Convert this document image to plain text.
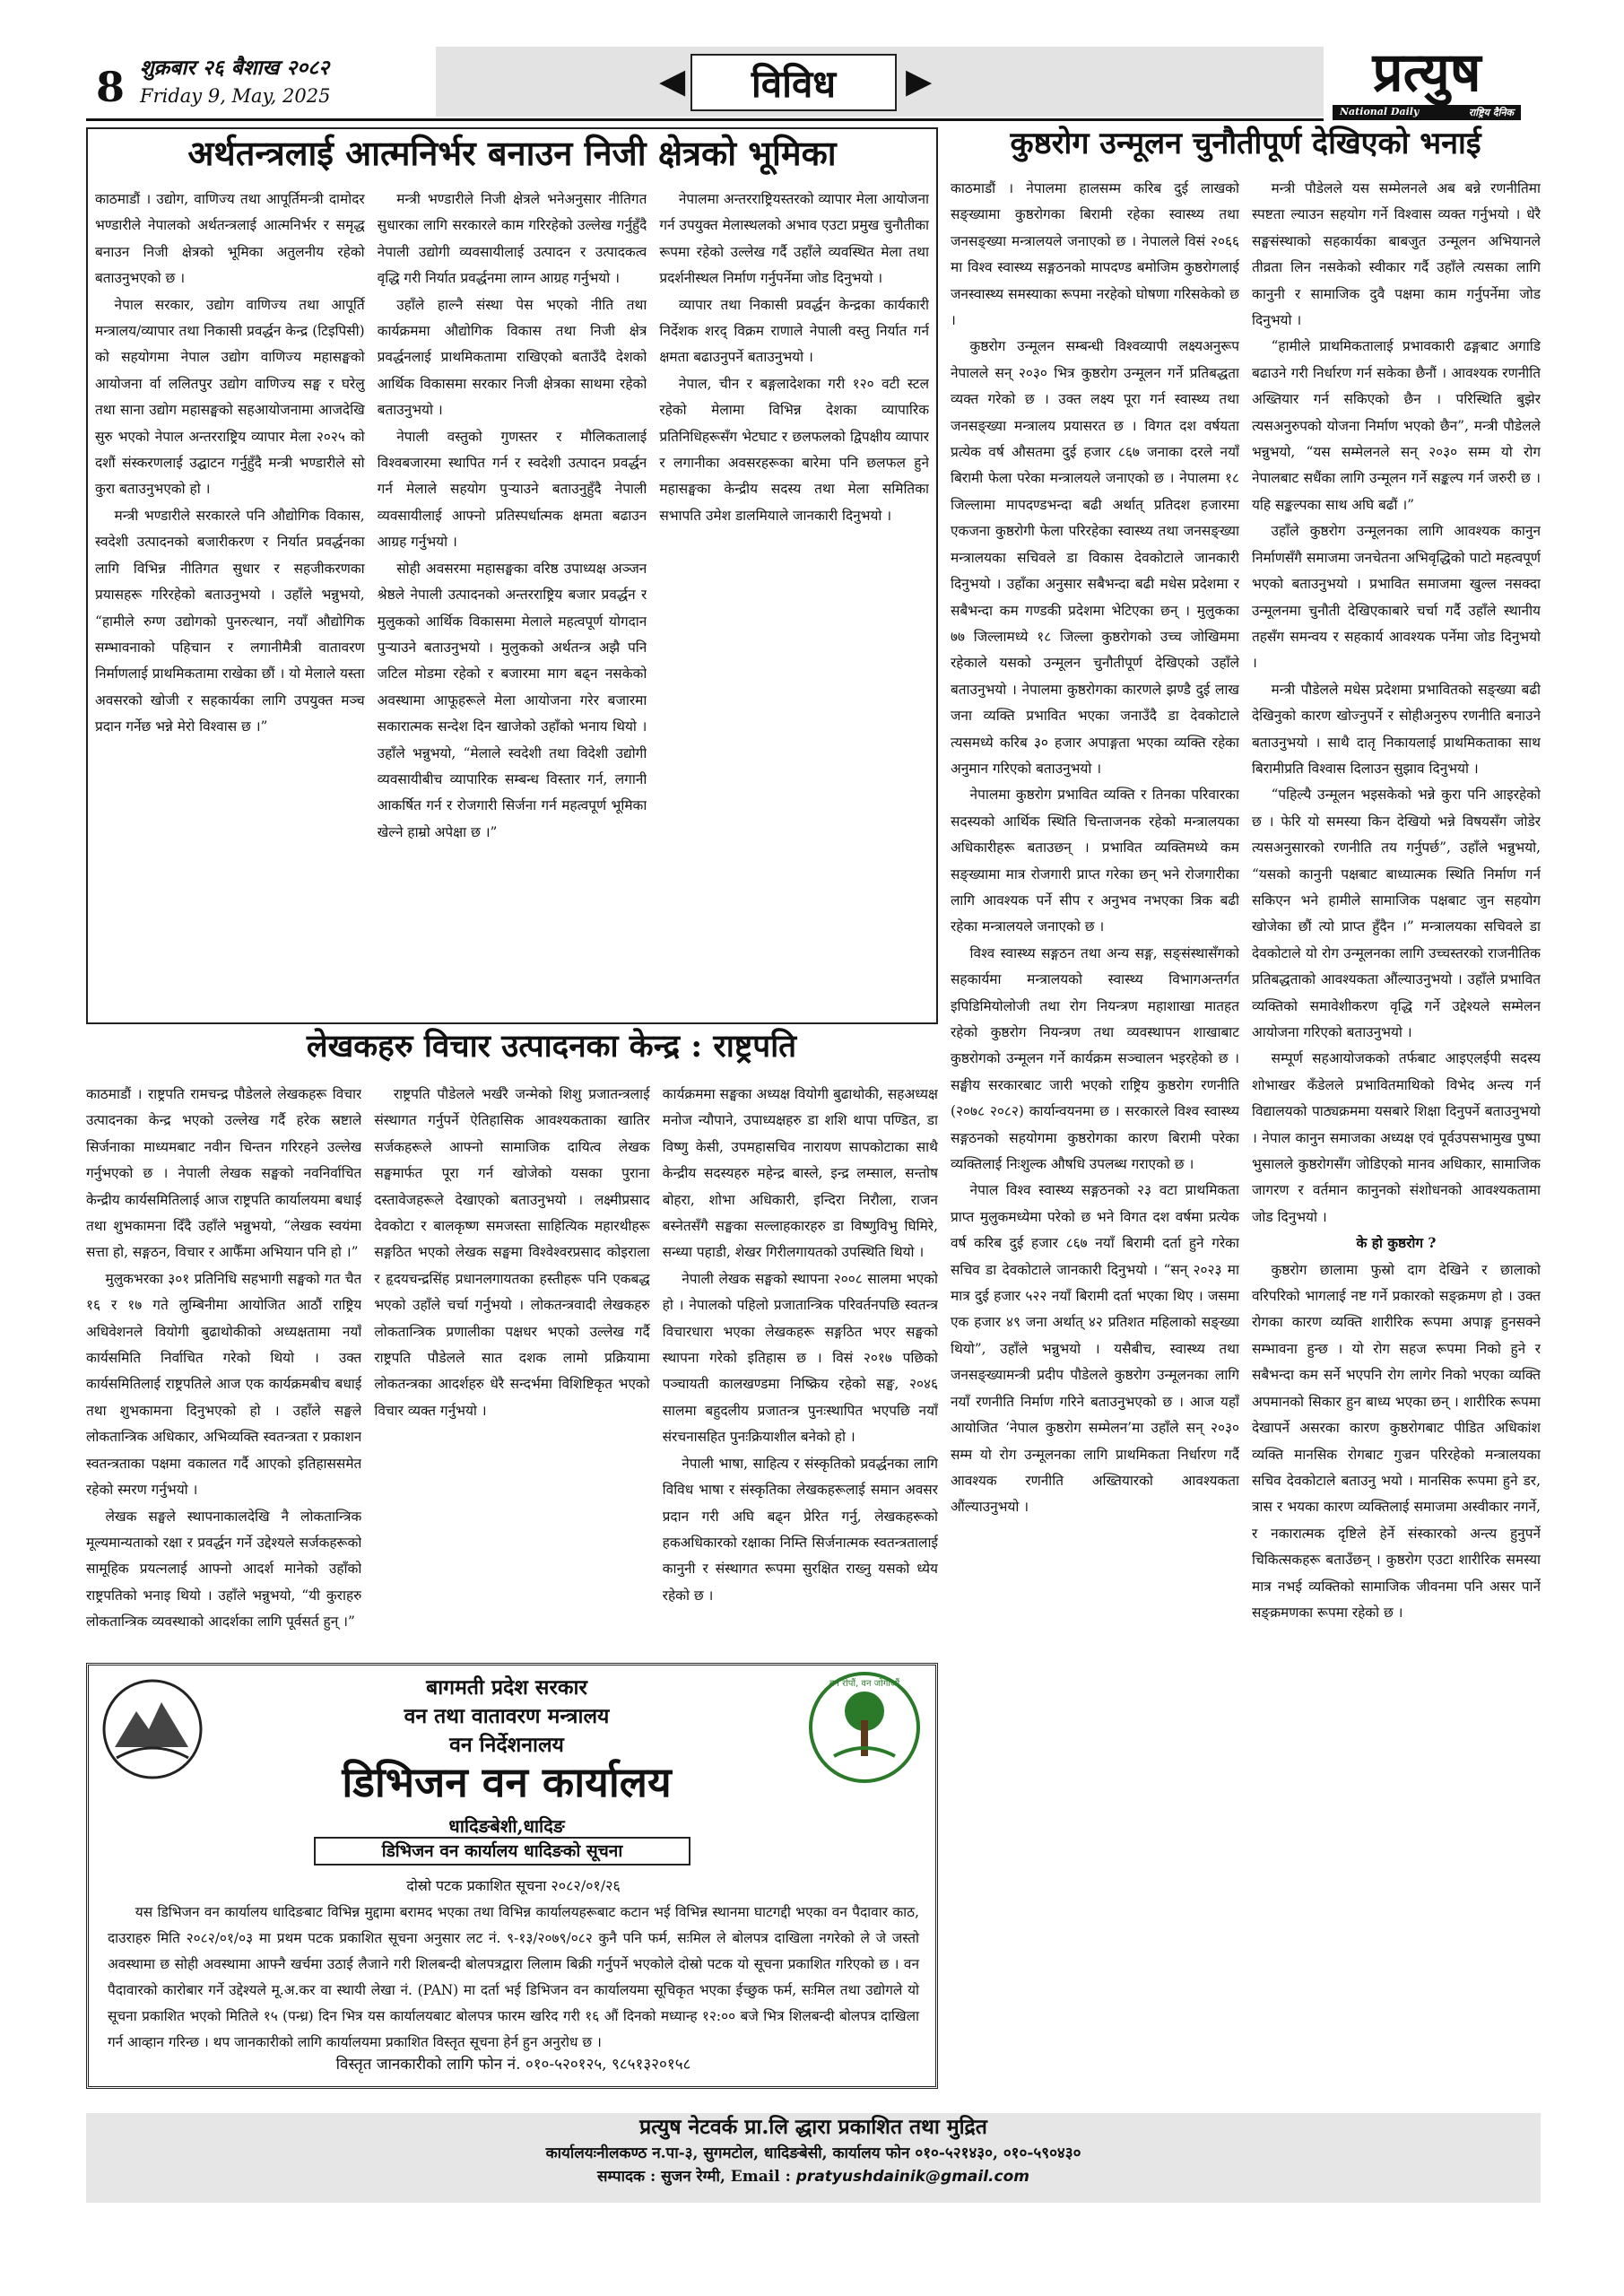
8 शुक्रबार २६ बैशाख २०८२
Friday 9, May, 2025	◀	विविध	▶	प्रत्युष
National Daily	राष्ट्रिय दैनिक
अर्थतन्त्रलाई आत्मनिर्भर बनाउन निजी क्षेत्रको भूमिका

काठमाडौं । उद्योग, वाणिज्य तथा आपूर्तिमन्त्री दामोदर भण्डारीले नेपालको अर्थतन्त्रलाई आत्मनिर्भर र समृद्ध बनाउन निजी क्षेत्रको भूमिका अतुलनीय रहेको बताउनुभएको छ ।

नेपाल सरकार, उद्योग वाणिज्य तथा आपूर्ति मन्त्रालय/व्यापार तथा निकासी प्रवर्द्धन केन्द्र (टिइपिसी) को सहयोगमा नेपाल उद्योग वाणिज्य महासङ्घको आयोजना र्वा ललितपुर उद्योग वाणिज्य सङ्घ र घरेलु तथा साना उद्योग महासङ्घको सहआयोजनामा आजदेखि सुरु भएको नेपाल अन्तरराष्ट्रिय व्यापार मेला २०२५ को दशौं संस्करणलाई उद्घाटन गर्नुहुँदै मन्त्री भण्डारीले सो कुरा बताउनुभएको हो ।

मन्त्री भण्डारीले सरकारले पनि औद्योगिक विकास, स्वदेशी उत्पादनको बजारीकरण र निर्यात प्रवर्द्धनका लागि विभिन्न नीतिगत सुधार र सहजीकरणका प्रयासहरू गरिरहेको बताउनुभयो । उहाँले भन्नुभयो, “हामीले रुग्ण उद्योगको पुनरुत्थान, नयाँ औद्योगिक सम्भावनाको पहिचान र लगानीमैत्री वातावरण निर्माणलाई प्राथमिकतामा राखेका छौं । यो मेलाले यस्ता अवसरको खोजी र सहकार्यका लागि उपयुक्त मञ्च प्रदान गर्नेछ भन्ने मेरो विश्वास छ ।”

मन्त्री भण्डारीले निजी क्षेत्रले भनेअनुसार नीतिगत सुधारका लागि सरकारले काम गरिरहेको उल्लेख गर्नुहुँदै नेपाली उद्योगी व्यवसायीलाई उत्पादन र उत्पादकत्व वृद्धि गरी निर्यात प्रवर्द्धनमा लाग्न आग्रह गर्नुभयो ।

उहाँले हाल्नै संस्था पेस भएको नीति तथा कार्यक्रममा औद्योगिक विकास तथा निजी क्षेत्र प्रवर्द्धनलाई प्राथमिकतामा राखिएको बताउँदै देशको आर्थिक विकासमा सरकार निजी क्षेत्रका साथमा रहेको बताउनुभयो ।

नेपाली वस्तुको गुणस्तर र मौलिकतालाई विश्वबजारमा स्थापित गर्न र स्वदेशी उत्पादन प्रवर्द्धन गर्न मेलाले सहयोग पुऱ्याउने बताउनुहुँदै नेपाली व्यवसायीलाई आफ्नो प्रतिस्पर्धात्मक क्षमता बढाउन आग्रह गर्नुभयो ।

सोही अवसरमा महासङ्घका वरिष्ठ उपाध्यक्ष अञ्जन श्रेष्ठले नेपाली उत्पादनको अन्तरराष्ट्रिय बजार प्रवर्द्धन र मुलुकको आर्थिक विकासमा मेलाले महत्वपूर्ण योगदान पुऱ्याउने बताउनुभयो । मुलुकको अर्थतन्त्र अझै पनि जटिल मोडमा रहेको र बजारमा माग बढ्न नसकेको अवस्थामा आफूहरूले मेला आयोजना गरेर बजारमा सकारात्मक सन्देश दिन खाजेको उहाँको भनाय थियो । उहाँले भन्नुभयो, “मेलाले स्वदेशी तथा विदेशी उद्योगी व्यवसायीबीच व्यापारिक सम्बन्ध विस्तार गर्न, लगानी आकर्षित गर्न र रोजगारी सिर्जना गर्न महत्वपूर्ण भूमिका खेल्ने हाम्रो अपेक्षा छ ।”

नेपालमा अन्तरराष्ट्रियस्तरको व्यापार मेला आयोजना गर्न उपयुक्त मेलास्थलको अभाव एउटा प्रमुख चुनौतीका रूपमा रहेको उल्लेख गर्दै उहाँले व्यवस्थित मेला तथा प्रदर्शनीस्थल निर्माण गर्नुपर्नेमा जोड दिनुभयो ।

व्यापार तथा निकासी प्रवर्द्धन केन्द्रका कार्यकारी निर्देशक शरद् विक्रम राणाले नेपाली वस्तु निर्यात गर्न क्षमता बढाउनुपर्ने बताउनुभयो ।

नेपाल, चीन र बङ्गलादेशका गरी १२० वटी स्टल रहेको मेलामा विभिन्न देशका व्यापारिक प्रतिनिधिहरूसँग भेटघाट र छलफलको द्विपक्षीय व्यापार र लगानीका अवसरहरूका बारेमा पनि छलफल हुने महासङ्घका केन्द्रीय सदस्य तथा मेला समितिका सभापति उमेश डालमियाले जानकारी दिनुभयो ।

लेखकहरु विचार उत्पादनका केन्द्र : राष्ट्रपति

काठमाडौं । राष्ट्रपति रामचन्द्र पौडेलले लेखकहरू विचार उत्पादनका केन्द्र भएको उल्लेख गर्दै हरेक स्रष्टाले सिर्जनाका माध्यमबाट नवीन चिन्तन गरिरहने उल्लेख गर्नुभएको छ । नेपाली लेखक सङ्घको नवनिर्वाचित केन्द्रीय कार्यसमितिलाई आज राष्ट्रपति कार्यालयमा बधाई तथा शुभकामना दिँदै उहाँले भन्नुभयो, “लेखक स्वयंमा सत्ता हो, सङ्गठन, विचार र आफैँमा अभियान पनि हो ।”

मुलुकभरका ३०१ प्रतिनिधि सहभागी सङ्घको गत चैत १६ र १७ गते लुम्बिनीमा आयोजित आठौं राष्ट्रिय अधिवेशनले वियोगी बुढाथोकीको अध्यक्षतामा नयाँ कार्यसमिति निर्वाचित गरेको थियो । उक्त कार्यसमितिलाई राष्ट्रपतिले आज एक कार्यक्रमबीच बधाई तथा शुभकामना दिनुभएको हो । उहाँले सङ्घले लोकतान्त्रिक अधिकार, अभिव्यक्ति स्वतन्त्रता र प्रकाशन स्वतन्त्रताका पक्षमा वकालत गर्दै आएको इतिहाससमेत रहेको स्मरण गर्नुभयो ।

लेखक सङ्घले स्थापनाकालदेखि नै लोकतान्त्रिक मूल्यमान्यताको रक्षा र प्रवर्द्धन गर्ने उद्देश्यले सर्जकहरूको सामूहिक प्रयत्नलाई आफ्नो आदर्श मानेको उहाँको राष्ट्रपतिको भनाइ थियो । उहाँले भन्नुभयो, “यी कुराहरु लोकतान्त्रिक व्यवस्थाको आदर्शका लागि पूर्वसर्त हुन् ।”

राष्ट्रपति पौडेलले भर्खरै जन्मेको शिशु प्रजातन्त्रलाई संस्थागत गर्नुपर्ने ऐतिहासिक आवश्यकताका खातिर सर्जकहरूले आफ्नो सामाजिक दायित्व लेखक सङ्घमार्फत पूरा गर्न खोजेको यसका पुराना दस्तावेजहरूले देखाएको बताउनुभयो । लक्ष्मीप्रसाद देवकोटा र बालकृष्ण समजस्ता साहित्यिक महारथीहरू सङ्गठित भएको लेखक सङ्घमा विश्वेश्वरप्रसाद कोइराला र हृदयचन्द्रसिंह प्रधानलगायतका हस्तीहरू पनि एकबद्ध भएको उहाँले चर्चा गर्नुभयो । लोकतन्त्रवादी लेखकहरु लोकतान्त्रिक प्रणालीका पक्षधर भएको उल्लेख गर्दै राष्ट्रपति पौडेलले सात दशक लामो प्रक्रियामा लोकतन्त्रका आदर्शहरु धेरै सन्दर्भमा विशिष्टिकृत भएको विचार व्यक्त गर्नुभयो ।

कार्यक्रममा सङ्घका अध्यक्ष वियोगी बुढाथोकी, सहअध्यक्ष मनोज न्यौपाने, उपाध्यक्षहरु डा शशि थापा पण्डित, डा विष्णु केसी, उपमहासचिव नारायण सापकोटाका साथै केन्द्रीय सदस्यहरु महेन्द्र बास्ले, इन्द्र लम्साल, सन्तोष बोहरा, शोभा अधिकारी, इन्दिरा निरौला, राजन बस्नेतसँगै सङ्घका सल्लाहकारहरु डा विष्णुविभु घिमिरे, सन्ध्या पहाडी, शेखर गिरीलगायतको उपस्थिति थियो ।

नेपाली लेखक सङ्घको स्थापना २००८ सालमा भएको हो । नेपालको पहिलो प्रजातान्त्रिक परिवर्तनपछि स्वतन्त्र विचारधारा भएका लेखकहरू सङ्गठित भएर सङ्घको स्थापना गरेको इतिहास छ । विसं २०१७ पछिको पञ्चायती कालखण्डमा निष्क्रिय रहेको सङ्घ, २०४६ सालमा बहुदलीय प्रजातन्त्र पुनःस्थापित भएपछि नयाँ संरचनासहित पुनःक्रियाशील बनेको हो ।

नेपाली भाषा, साहित्य र संस्कृतिको प्रवर्द्धनका लागि विविध भाषा र संस्कृतिका लेखकहरूलाई समान अवसर प्रदान गरी अघि बढ्न प्रेरित गर्नु, लेखकहरूको हकअधिकारको रक्षाका निम्ति सिर्जनात्मक स्वतन्त्रतालाई कानुनी र संस्थागत रूपमा सुरक्षित राख्नु यसको ध्येय रहेको छ ।

वन रोपौं, वन जोगाऔं
बागमती प्रदेश सरकार
वन तथा वातावरण मन्त्रालय
वन निर्देशनालय
डिभिजन वन कार्यालय
धादिङबेशी,धादिङ
डिभिजन वन कार्यालय धादिङको सूचना
दोस्रो पटक प्रकाशित सूचना २०८२/०१/२६
यस डिभिजन वन कार्यालय धादिङबाट विभिन्न मुद्दामा बरामद भएका तथा विभिन्न कार्यालयहरूबाट कटान भई विभिन्न स्थानमा घाटगद्दी भएका वन पैदावार काठ, दाउराहरु मिति २०८२/०१/०३ मा प्रथम पटक प्रकाशित सूचना अनुसार लट नं. ९-१३/२०७९/०८२ कुनै पनि फर्म, सःमिल ले बोलपत्र दाखिला नगरेको ले जे जस्तो अवस्थामा छ सोही अवस्थामा आफ्नै खर्चमा उठाई लैजाने गरी शिलबन्दी बोलपत्रद्वारा लिलाम बिक्री गर्नुपर्ने भएकोले दोस्रो पटक यो सूचना प्रकाशित गरिएको छ । वन पैदावारको कारोबार गर्ने उद्देश्यले मू.अ.कर वा स्थायी लेखा नं. (PAN) मा दर्ता भई डिभिजन वन कार्यालयमा सूचिकृत भएका ईच्छुक फर्म, सःमिल तथा उद्योगले यो सूचना प्रकाशित भएको मितिले १५ (पन्ध्र) दिन भित्र यस कार्यालयबाट बोलपत्र फारम खरिद गरी १६ औं दिनको मध्यान्ह १२:०० बजे भित्र शिलबन्दी बोलपत्र दाखिला गर्न आव्हान गरिन्छ । थप जानकारीको लागि कार्यालयमा प्रकाशित विस्तृत सूचना हेर्न हुन अनुरोध छ ।
विस्तृत जानकारीको लागि फोन नं. ०१०-५२०१२५, ९८५१३२०१५८
कुष्ठरोग उन्मूलन चुनौतीपूर्ण देखिएको भनाई

काठमाडौं । नेपालमा हालसम्म करिब दुई लाखको सङ्ख्यामा कुष्ठरोगका बिरामी रहेका स्वास्थ्य तथा जनसङ्ख्या मन्त्रालयले जनाएको छ । नेपालले विसं २०६६ मा विश्व स्वास्थ्य सङ्गठनको मापदण्ड बमोजिम कुष्ठरोगलाई जनस्वास्थ्य समस्याका रूपमा नरहेको घोषणा गरिसकेको छ ।

कुष्ठरोग उन्मूलन सम्बन्धी विश्वव्यापी लक्ष्यअनुरूप नेपालले सन् २०३० भित्र कुष्ठरोग उन्मूलन गर्ने प्रतिबद्धता व्यक्त गरेको छ । उक्त लक्ष्य पूरा गर्न स्वास्थ्य तथा जनसङ्ख्या मन्त्रालय प्रयासरत छ । विगत दश वर्षयता प्रत्येक वर्ष औसतमा दुई हजार ८६७ जनाका दरले नयाँ बिरामी फेला परेका मन्त्रालयले जनाएको छ । नेपालमा १८ जिल्लामा मापदण्डभन्दा बढी अर्थात् प्रतिदश हजारमा एकजना कुष्ठरोगी फेला परिरहेका स्वास्थ्य तथा जनसङ्ख्या मन्त्रालयका सचिवले डा विकास देवकोटाले जानकारी दिनुभयो । उहाँका अनुसार सबैभन्दा बढी मधेस प्रदेशमा र सबैभन्दा कम गण्डकी प्रदेशमा भेटिएका छन् । मुलुकका ७७ जिल्लामध्ये १८ जिल्ला कुष्ठरोगको उच्च जोखिममा रहेकाले यसको उन्मूलन चुनौतीपूर्ण देखिएको उहाँले बताउनुभयो । नेपालमा कुष्ठरोगका कारणले झण्डै दुई लाख जना व्यक्ति प्रभावित भएका जनाउँदै डा देवकोटाले त्यसमध्ये करिब ३० हजार अपाङ्गता भएका व्यक्ति रहेका अनुमान गरिएको बताउनुभयो ।

नेपालमा कुष्ठरोग प्रभावित व्यक्ति र तिनका परिवारका सदस्यको आर्थिक स्थिति चिन्ताजनक रहेको मन्त्रालयका अधिकारीहरू बताउछन् । प्रभावित व्यक्तिमध्ये कम सङ्ख्यामा मात्र रोजगारी प्राप्त गरेका छन् भने रोजगारीका लागि आवश्यक पर्ने सीप र अनुभव नभएका त्रिक बढी रहेका मन्त्रालयले जनाएको छ ।

विश्व स्वास्थ्य सङ्गठन तथा अन्य सङ्ग, सङ्संस्थासँगको सहकार्यमा मन्त्रालयको स्वास्थ्य विभागअन्तर्गत इपिडिमियोलोजी तथा रोग नियन्त्रण महाशाखा मातहत रहेको कुष्ठरोग नियन्त्रण तथा व्यवस्थापन शाखाबाट कुष्ठरोगको उन्मूलन गर्ने कार्यक्रम सञ्चालन भइरहेको छ । सङ्घीय सरकारबाट जारी भएको राष्ट्रिय कुष्ठरोग रणनीति (२०७८ २०८२) कार्यान्वयनमा छ । सरकारले विश्व स्वास्थ्य सङ्गठनको सहयोगमा कुष्ठरोगका कारण बिरामी परेका व्यक्तिलाई निःशुल्क औषधि उपलब्ध गराएको छ ।

नेपाल विश्व स्वास्थ्य सङ्गठनको २३ वटा प्राथमिकता प्राप्त मुलुकमध्येमा परेको छ भने विगत दश वर्षमा प्रत्येक वर्ष करिब दुई हजार ८६७ नयाँ बिरामी दर्ता हुने गरेका सचिव डा देवकोटाले जानकारी दिनुभयो । “सन् २०२३ मा मात्र दुई हजार ५२२ नयाँ बिरामी दर्ता भएका थिए । जसमा एक हजार ४९ जना अर्थात् ४२ प्रतिशत महिलाको सङ्ख्या थियो”, उहाँले भन्नुभयो । यसैबीच, स्वास्थ्य तथा जनसङ्ख्यामन्त्री प्रदीप पौडेलले कुष्ठरोग उन्मूलनका लागि नयाँ रणनीति निर्माण गरिने बताउनुभएको छ । आज यहाँ आयोजित ‘नेपाल कुष्ठरोग सम्मेलन’मा उहाँले सन् २०३० सम्म यो रोग उन्मूलनका लागि प्राथमिकता निर्धारण गर्दै आवश्यक रणनीति अख्तियारको आवश्यकता औंल्याउनुभयो ।

मन्त्री पौडेलले यस सम्मेलनले अब बन्ने रणनीतिमा स्पष्टता ल्याउन सहयोग गर्ने विश्वास व्यक्त गर्नुभयो । धेरै सङ्घसंस्थाको सहकार्यका बाबजुत उन्मूलन अभियानले तीव्रता लिन नसकेको स्वीकार गर्दै उहाँले त्यसका लागि कानुनी र सामाजिक दुवै पक्षमा काम गर्नुपर्नेमा जोड दिनुभयो ।

“हामीले प्राथमिकतालाई प्रभावकारी ढङ्गबाट अगाडि बढाउने गरी निर्धारण गर्न सकेका छैनौं । आवश्यक रणनीति अख्तियार गर्न सकिएको छैन । परिस्थिति बुझेर त्यसअनुरुपको योजना निर्माण भएको छैन”, मन्त्री पौडेलले भन्नुभयो, “यस सम्मेलनले सन् २०३० सम्म यो रोग नेपालबाट सधैंका लागि उन्मूलन गर्ने सङ्कल्प गर्न जरुरी छ । यहि सङ्कल्पका साथ अघि बढौं ।”

उहाँले कुष्ठरोग उन्मूलनका लागि आवश्यक कानुन निर्माणसँगै समाजमा जनचेतना अभिवृद्धिको पाटो महत्वपूर्ण भएको बताउनुभयो । प्रभावित समाजमा खुल्ल नसक्दा उन्मूलनमा चुनौती देखिएकाबारे चर्चा गर्दै उहाँले स्थानीय तहसँग समन्वय र सहकार्य आवश्यक पर्नेमा जोड दिनुभयो ।

मन्त्री पौडेलले मधेस प्रदेशमा प्रभावितको सङ्ख्या बढी देखिनुको कारण खोज्नुपर्ने र सोहीअनुरुप रणनीति बनाउने बताउनुभयो । साथै दातृ निकायलाई प्राथमिकताका साथ बिरामीप्रति विश्वास दिलाउन सुझाव दिनुभयो ।

“पहिल्यै उन्मूलन भइसकेको भन्ने कुरा पनि आइरहेको छ । फेरि यो समस्या किन देखियो भन्ने विषयसँग जोडेर त्यसअनुसारको रणनीति तय गर्नुपर्छ”, उहाँले भन्नुभयो, “यसको कानुनी पक्षबाट बाध्यात्मक स्थिति निर्माण गर्न सकिएन भने हामीले सामाजिक पक्षबाट जुन सहयोग खोजेका छौं त्यो प्राप्त हुँदैन ।” मन्त्रालयका सचिवले डा देवकोटाले यो रोग उन्मूलनका लागि उच्चस्तरको राजनीतिक प्रतिबद्धताको आवश्यकता औंल्याउनुभयो । उहाँले प्रभावित व्यक्तिको समावेशीकरण वृद्धि गर्ने उद्देश्यले सम्मेलन आयोजना गरिएको बताउनुभयो ।

सम्पूर्ण सहआयोजकको तर्फबाट आइएलईपी सदस्य शोभाखर कँडेलले प्रभावितमाथिको विभेद अन्त्य गर्न विद्यालयको पाठ्यक्रममा यसबारे शिक्षा दिनुपर्ने बताउनुभयो । नेपाल कानुन समाजका अध्यक्ष एवं पूर्वउपसभामुख पुष्पा भुसालले कुष्ठरोगसँग जोडिएको मानव अधिकार, सामाजिक जागरण र वर्तमान कानुनको संशोधनको आवश्यकतामा जोड दिनुभयो ।

के हो कुष्ठरोग ?

कुष्ठरोग छालामा फुस्रो दाग देखिने र छालाको वरिपरिको भागलाई नष्ट गर्ने प्रकारको सङ्क्रमण हो । उक्त रोगका कारण व्यक्ति शारीरिक रूपमा अपाङ्ग हुनसक्ने सम्भावना हुन्छ । यो रोग सहज रूपमा निको हुने र सबैभन्दा कम सर्ने भएपनि रोग लागेर निको भएका व्यक्ति अपमानको सिकार हुन बाध्य भएका छन् । शारीरिक रूपमा देखापर्ने असरका कारण कुष्ठरोगबाट पीडित अधिकांश व्यक्ति मानसिक रोगबाट गुज्रन परिरहेको मन्त्रालयका सचिव देवकोटाले बताउनु भयो । मानसिक रूपमा हुने डर, त्रास र भयका कारण व्यक्तिलाई समाजमा अस्वीकार नगर्ने, र नकारात्मक दृष्टिले हेर्ने संस्कारको अन्त्य हुनुपर्ने चिकित्सकहरू बताउँछन् । कुष्ठरोग एउटा शारीरिक समस्या मात्र नभई व्यक्तिको सामाजिक जीवनमा पनि असर पार्ने सङ्क्रमणका रूपमा रहेको छ ।

प्रत्युष नेटवर्क प्रा.लि द्धारा प्रकाशित तथा मुद्रित
कार्यालयःनीलकण्ठ न.पा-३, सुगमटोल, धादिङबेसी, कार्यालय फोन ०१०-५२१४३०, ०१०-५९०४३०
सम्पादक : सुजन रेग्मी, Email : pratyushdainik@gmail.com
